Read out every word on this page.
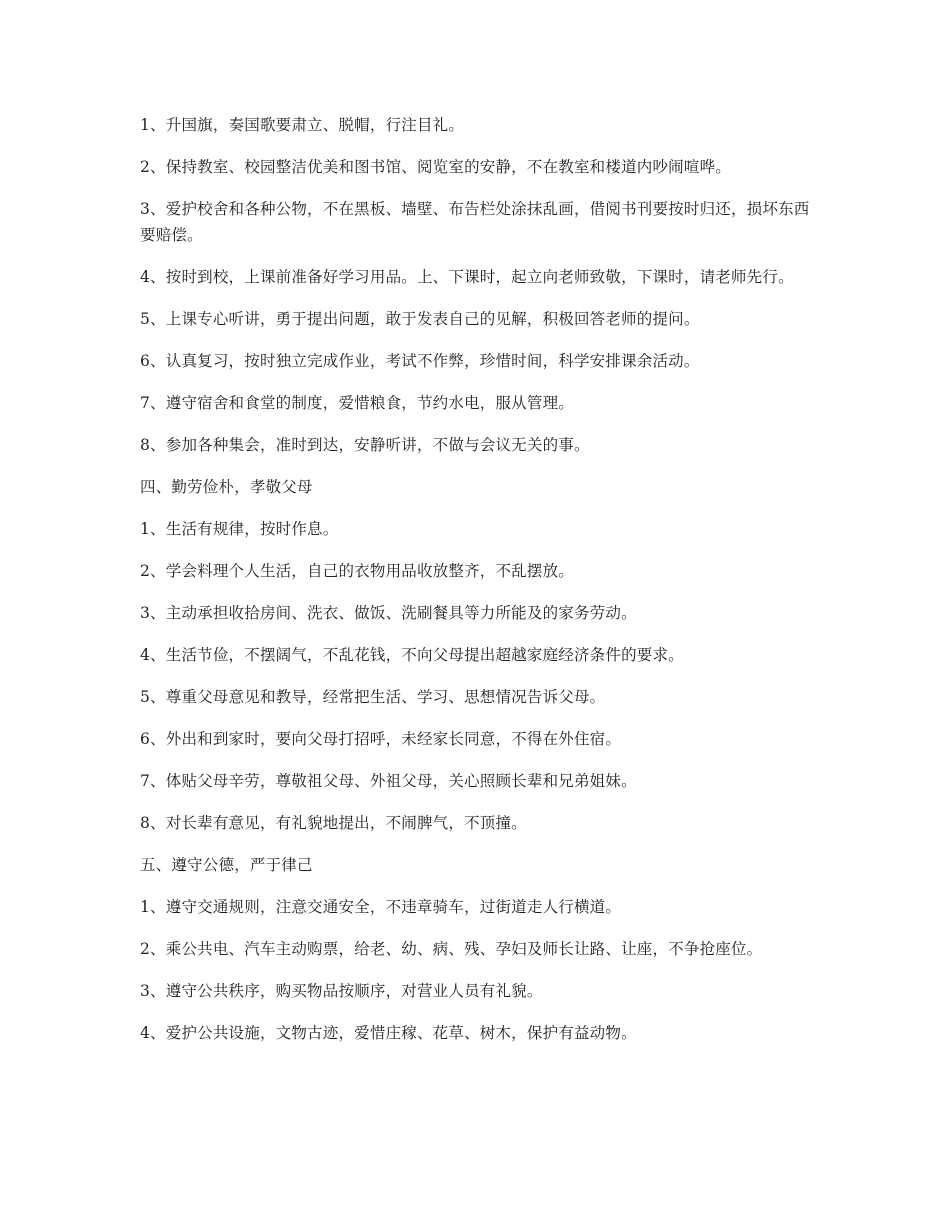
1、升国旗，奏国歌要肃立、脱帽，行注目礼。

2、保持教室、校园整洁优美和图书馆、阅览室的安静，不在教室和楼道内吵闹喧哗。

3、爱护校舍和各种公物，不在黑板、墙壁、布告栏处涂抹乱画，借阅书刊要按时归还，损坏东西要赔偿。

4、按时到校，上课前准备好学习用品。上、下课时，起立向老师致敬，下课时，请老师先行。

5、上课专心听讲，勇于提出问题，敢于发表自己的见解，积极回答老师的提问。

6、认真复习，按时独立完成作业，考试不作弊，珍惜时间，科学安排课余活动。

7、遵守宿舍和食堂的制度，爱惜粮食，节约水电，服从管理。

8、参加各种集会，准时到达，安静听讲，不做与会议无关的事。

四、勤劳俭朴，孝敬父母

1、生活有规律，按时作息。

2、学会料理个人生活，自己的衣物用品收放整齐，不乱摆放。

3、主动承担收拾房间、洗衣、做饭、洗刷餐具等力所能及的家务劳动。

4、生活节俭，不摆阔气，不乱花钱，不向父母提出超越家庭经济条件的要求。

5、尊重父母意见和教导，经常把生活、学习、思想情况告诉父母。

6、外出和到家时，要向父母打招呼，未经家长同意，不得在外住宿。

7、体贴父母辛劳，尊敬祖父母、外祖父母，关心照顾长辈和兄弟姐妹。

8、对长辈有意见，有礼貌地提出，不闹脾气，不顶撞。

五、遵守公德，严于律己

1、遵守交通规则，注意交通安全，不违章骑车，过街道走人行横道。

2、乘公共电、汽车主动购票，给老、幼、病、残、孕妇及师长让路、让座，不争抢座位。

3、遵守公共秩序，购买物品按顺序，对营业人员有礼貌。

4、爱护公共设施，文物古迹，爱惜庄稼、花草、树木，保护有益动物。
